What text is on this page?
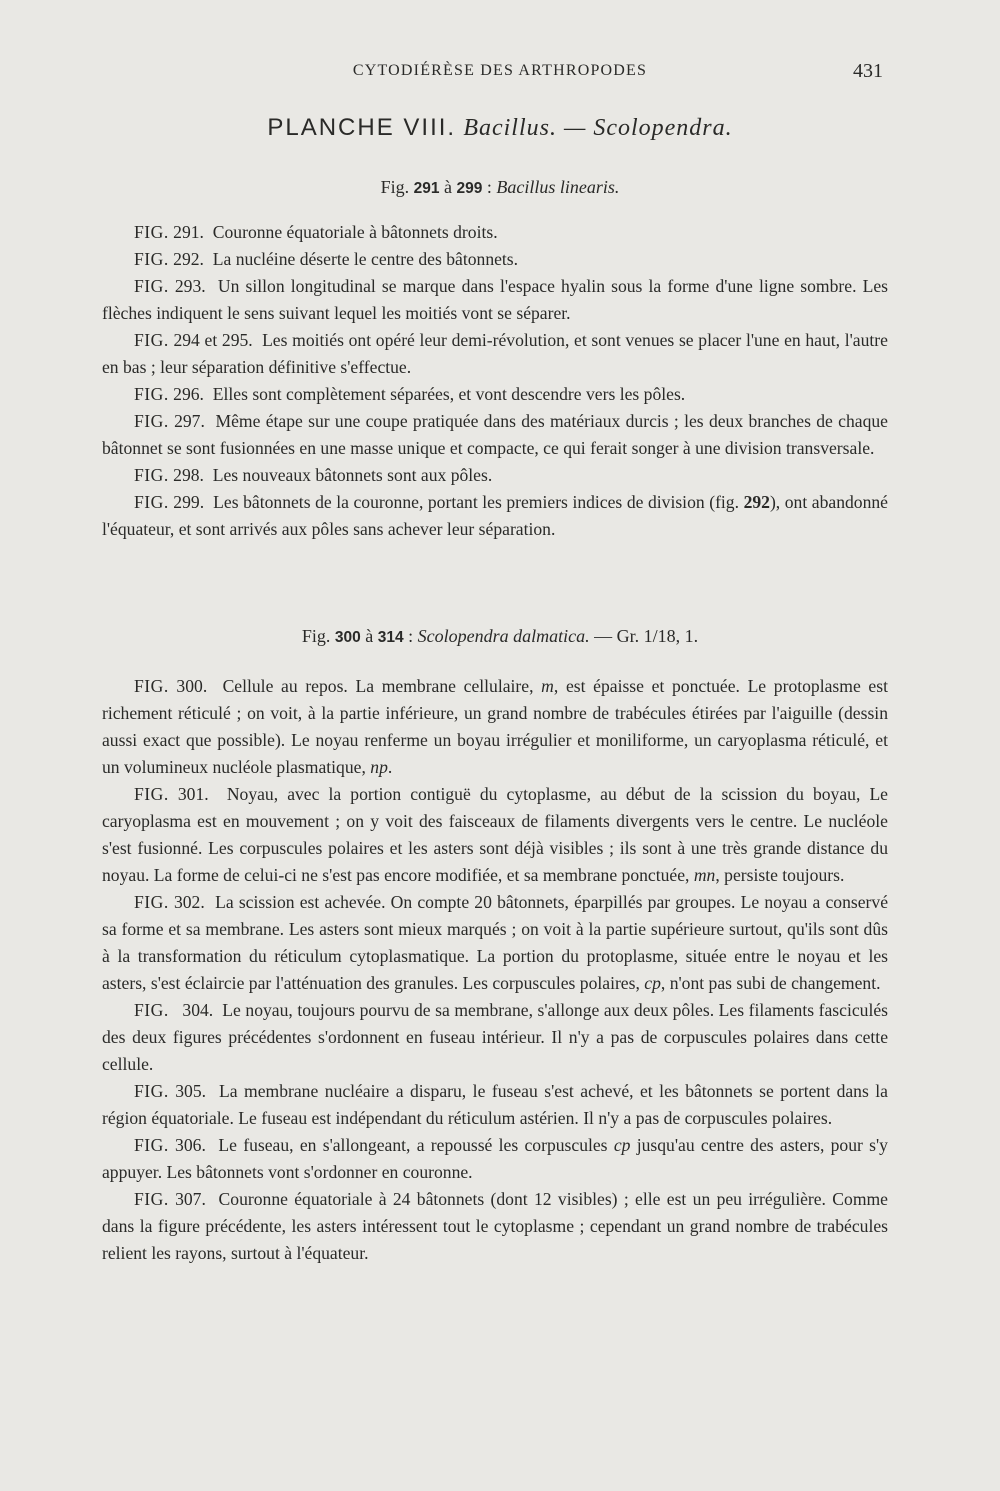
CYTODIÉRÈSE DES ARTHROPODES	431
PLANCHE VIII. Bacillus. — Scolopendra.
Fig. 291 à 299 : Bacillus linearis.

FIG. 291.  Couronne équatoriale à bâtonnets droits.

FIG. 292.  La nucléine déserte le centre des bâtonnets.

FIG. 293.  Un sillon longitudinal se marque dans l'espace hyalin sous la forme d'une ligne sombre. Les flèches indiquent le sens suivant lequel les moitiés vont se séparer.

FIG. 294 et 295.  Les moitiés ont opéré leur demi-révolution, et sont venues se placer l'une en haut, l'autre en bas ; leur séparation définitive s'effectue.

FIG. 296.  Elles sont complètement séparées, et vont descendre vers les pôles.

FIG. 297.  Même étape sur une coupe pratiquée dans des matériaux durcis ; les deux branches de chaque bâtonnet se sont fusionnées en une masse unique et compacte, ce qui ferait songer à une division transversale.

FIG. 298.  Les nouveaux bâtonnets sont aux pôles.

FIG. 299.  Les bâtonnets de la couronne, portant les premiers indices de division (fig. 292), ont abandonné l'équateur, et sont arrivés aux pôles sans achever leur séparation.

Fig. 300 à 314 : Scolopendra dalmatica. — Gr. 1/18, 1.

FIG. 300.  Cellule au repos. La membrane cellulaire, m, est épaisse et ponctuée. Le protoplasme est richement réticulé ; on voit, à la partie inférieure, un grand nombre de trabécules étirées par l'aiguille (dessin aussi exact que possible). Le noyau renferme un boyau irrégulier et moniliforme, un caryoplasma réticulé, et un volumineux nucléole plasmatique, np.

FIG. 301.  Noyau, avec la portion contiguë du cytoplasme, au début de la scission du boyau, Le caryoplasma est en mouvement ; on y voit des faisceaux de filaments divergents vers le centre. Le nucléole s'est fusionné. Les corpuscules polaires et les asters sont déjà visibles ; ils sont à une très grande distance du noyau. La forme de celui-ci ne s'est pas encore modifiée, et sa membrane ponctuée, mn, persiste toujours.

FIG. 302.  La scission est achevée. On compte 20 bâtonnets, éparpillés par groupes. Le noyau a conservé sa forme et sa membrane. Les asters sont mieux marqués ; on voit à la partie supérieure surtout, qu'ils sont dûs à la transformation du réticulum cytoplasmatique. La portion du protoplasme, située entre le noyau et les asters, s'est éclaircie par l'atténuation des granules. Les corpuscules polaires, cp, n'ont pas subi de changement.

FIG. 304.  Le noyau, toujours pourvu de sa membrane, s'allonge aux deux pôles. Les filaments fasciculés des deux figures précédentes s'ordonnent en fuseau intérieur. Il n'y a pas de corpuscules polaires dans cette cellule.

FIG. 305.  La membrane nucléaire a disparu, le fuseau s'est achevé, et les bâtonnets se portent dans la région équatoriale. Le fuseau est indépendant du réticulum astérien. Il n'y a pas de corpuscules polaires.

FIG. 306.  Le fuseau, en s'allongeant, a repoussé les corpuscules cp jusqu'au centre des asters, pour s'y appuyer. Les bâtonnets vont s'ordonner en couronne.

FIG. 307.  Couronne équatoriale à 24 bâtonnets (dont 12 visibles) ; elle est un peu irrégulière. Comme dans la figure précédente, les asters intéressent tout le cytoplasme ; cependant un grand nombre de trabécules relient les rayons, surtout à l'équateur.
